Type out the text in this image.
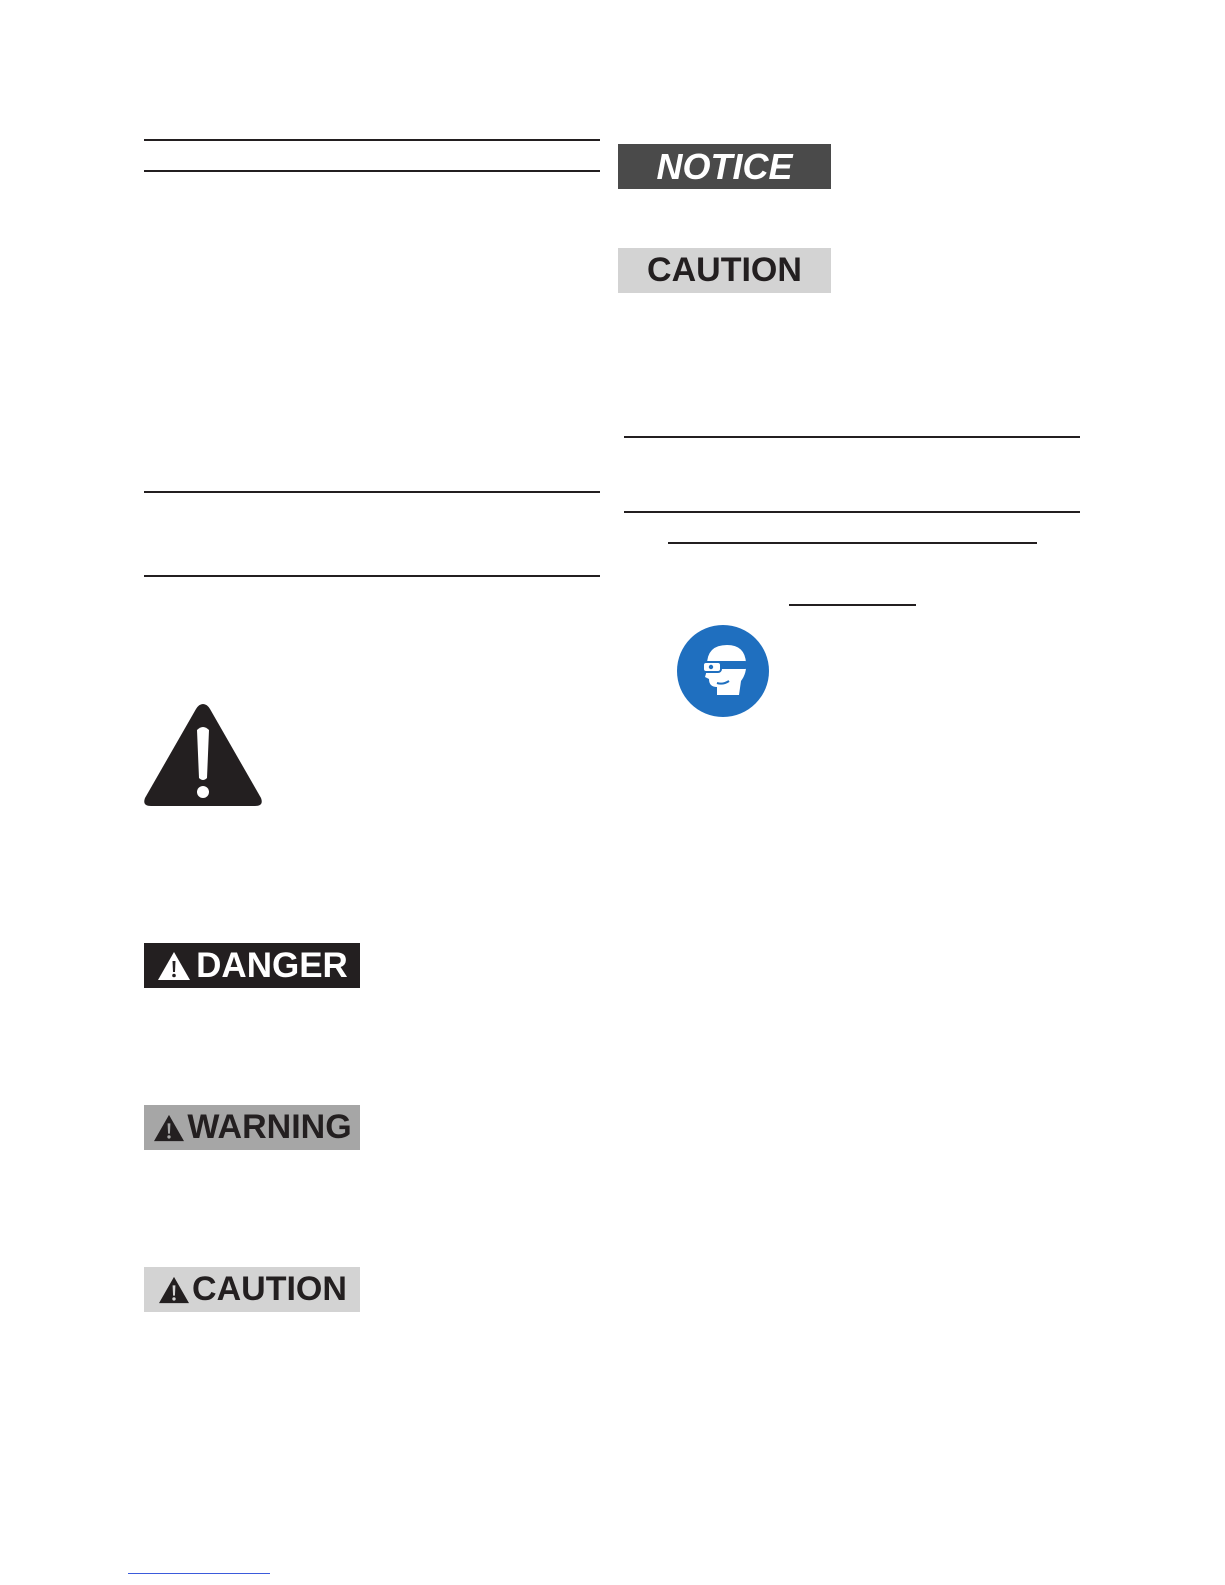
NOTICE
CAUTION
DANGER
WARNING
CAUTION
